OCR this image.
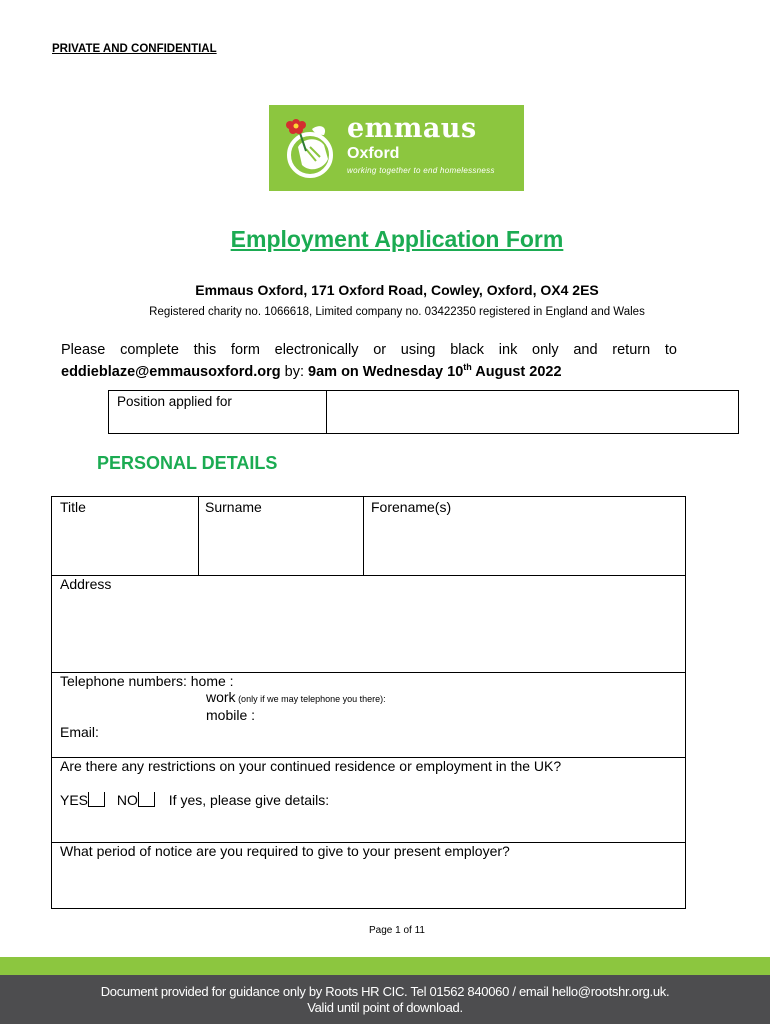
PRIVATE AND CONFIDENTIAL
emmaus
Oxford
working together to end homelessness
Employment Application Form
Emmaus Oxford, 171 Oxford Road, Cowley, Oxford, OX4 2ES
Registered charity no. 1066618, Limited company no. 03422350 registered in England and Wales
Please complete this form electronically or using black ink only and return to
eddieblaze@emmausoxford.org by: 9am on Wednesday 10th August 2022
Position applied for
PERSONAL DETAILS
Title	Surname	Forename(s)
Address
Telephone numbers: home :
work (only if we may telephone you there):
mobile :
Email:
Are there any restrictions on your continued residence or employment in the UK?
YES NO If yes, please give details:
What period of notice are you required to give to your present employer?
Page 1 of 11
Document provided for guidance only by Roots HR CIC. Tel 01562 840060 / email hello@rootshr.org.uk.
Valid until point of download.
